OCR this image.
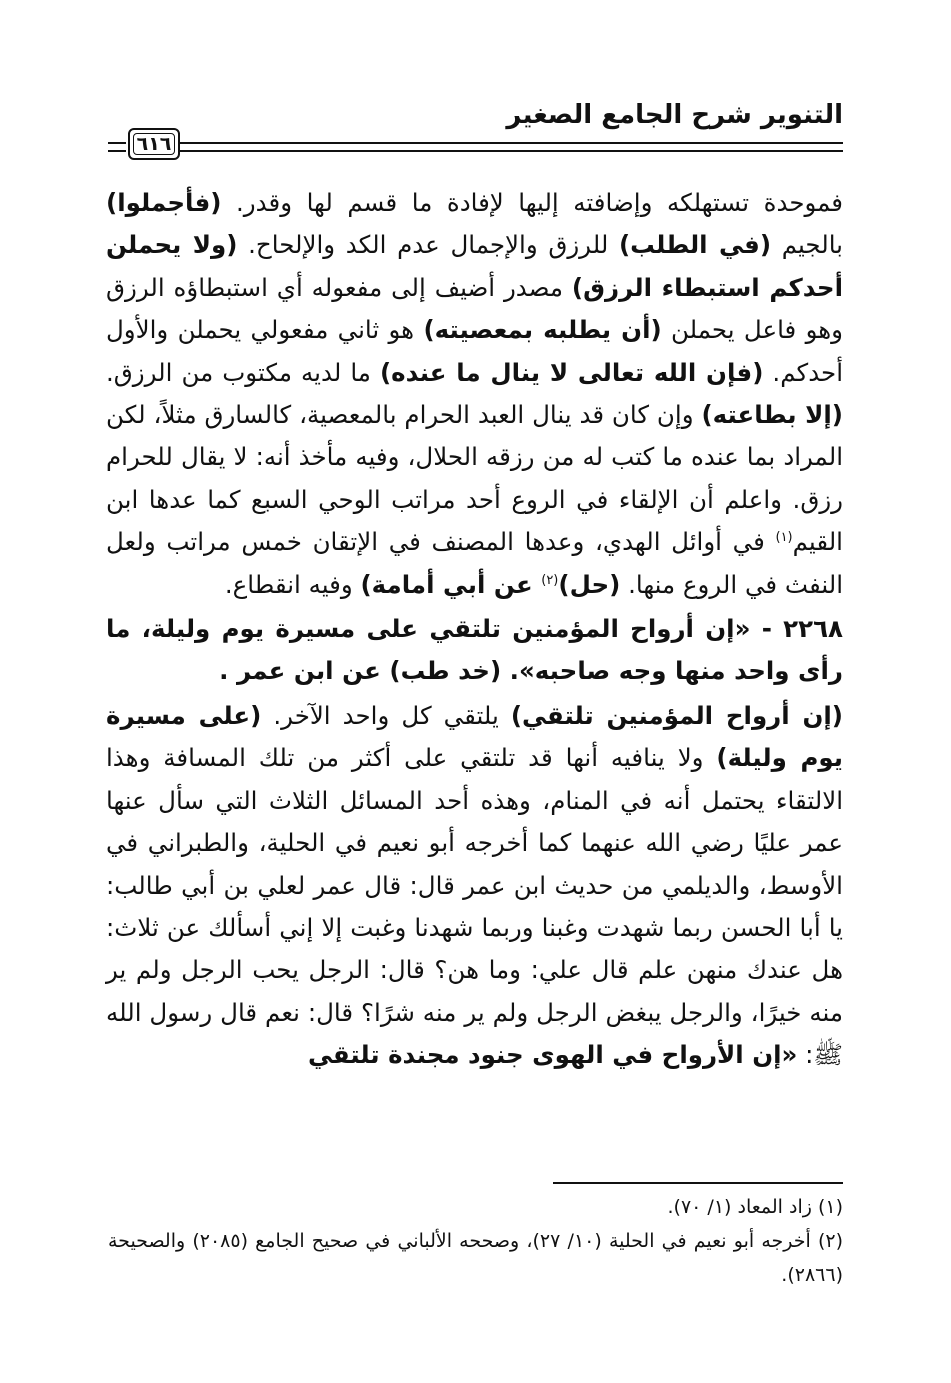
التنوير شرح الجامع الصغير
٦١٦

فموحدة تستهلكه وإضافته إليها لإفادة ما قسم لها وقدر. (فأجملوا) بالجيم (في الطلب) للرزق والإجمال عدم الكد والإلحاح. (ولا يحملن أحدكم استبطاء الرزق) مصدر أضيف إلى مفعوله أي استبطاؤه الرزق وهو فاعل يحملن (أن يطلبه بمعصيته) هو ثاني مفعولي يحملن والأول أحدكم. (فإن الله تعالى لا ينال ما عنده) ما لديه مكتوب من الرزق. (إلا بطاعته) وإن كان قد ينال العبد الحرام بالمعصية، كالسارق مثلاً، لكن المراد بما عنده ما كتب له من رزقه الحلال، وفيه مأخذ أنه: لا يقال للحرام رزق. واعلم أن الإلقاء في الروع أحد مراتب الوحي السبع كما عدها ابن القيم$^{(١)}$ في أوائل الهدي، وعدها المصنف في الإتقان خمس مراتب ولعل النفث في الروع منها. (حل)$^{(٢)}$ عن أبي أمامة) وفيه انقطاع.

٢٢٦٨ - «إن أرواح المؤمنين تلتقي على مسيرة يوم وليلة، ما رأى واحد منها وجه صاحبه». (خد طب) عن ابن عمر .

(إن أرواح المؤمنين تلتقي) يلتقي كل واحد الآخر. (على مسيرة يوم وليلة) ولا ينافيه أنها قد تلتقي على أكثر من تلك المسافة وهذا الالتقاء يحتمل أنه في المنام، وهذه أحد المسائل الثلاث التي سأل عنها عمر عليًا رضي الله عنهما كما أخرجه أبو نعيم في الحلية، والطبراني في الأوسط، والديلمي من حديث ابن عمر قال: قال عمر لعلي بن أبي طالب: يا أبا الحسن ربما شهدت وغبنا وربما شهدنا وغبت إلا إني أسألك عن ثلاث: هل عندك منهن علم قال علي: وما هن؟ قال: الرجل يحب الرجل ولم ير منه خيرًا، والرجل يبغض الرجل ولم ير منه شرًا؟ قال: نعم قال رسول الله ﷺ: «إن الأرواح في الهوى جنود مجندة تلتقي

(١) زاد المعاد (١/ ٧٠).

(٢) أخرجه أبو نعيم في الحلية (١٠/ ٢٧)، وصححه الألباني في صحيح الجامع (٢٠٨٥) والصحيحة (٢٨٦٦).
